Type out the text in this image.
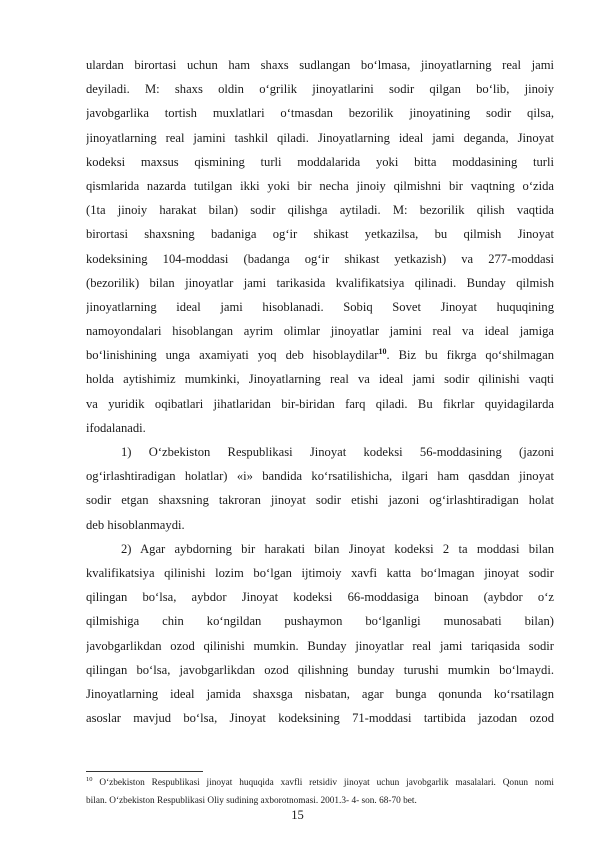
ulardan birortasi uchun ham shaxs sudlangan bo‘lmasa, jinoyatlarning real jami
deyiladi. M: shaxs oldin o‘grilik jinoyatlarini sodir qilgan bo‘lib, jinoiy
javobgarlika tortish muxlatlari o‘tmasdan bezorilik jinoyatining sodir qilsa,
jinoyatlarning real jamini tashkil qiladi. Jinoyatlarning ideal jami deganda, Jinoyat
kodeksi maxsus qismining turli moddalarida yoki bitta moddasining turli
qismlarida nazarda tutilgan ikki yoki bir necha jinoiy qilmishni bir vaqtning o‘zida
(1ta jinoiy harakat bilan) sodir qilishga aytiladi. M: bezorilik qilish vaqtida
birortasi shaxsning badaniga og‘ir shikast yetkazilsa, bu qilmish Jinoyat
kodeksining 104-moddasi (badanga og‘ir shikast yetkazish) va 277-moddasi
(bezorilik) bilan jinoyatlar jami tarikasida kvalifikatsiya qilinadi. Bunday qilmish
jinoyatlarning ideal jami hisoblanadi. Sobiq Sovet Jinoyat huquqining
namoyondalari hisoblangan ayrim olimlar jinoyatlar jamini real va ideal jamiga
bo‘linishining unga axamiyati yoq deb hisoblaydilar$^{10}$. Biz bu fikrga qo‘shilmagan
holda aytishimiz mumkinki, Jinoyatlarning real va ideal jami sodir qilinishi vaqti
va yuridik oqibatlari jihatlaridan bir-biridan farq qiladi. Bu fikrlar quyidagilarda
ifodalanadi.
1) O‘zbekiston Respublikasi Jinoyat kodeksi 56-moddasining (jazoni
og‘irlashtiradigan holatlar) «i» bandida ko‘rsatilishicha, ilgari ham qasddan jinoyat
sodir etgan shaxsning takroran jinoyat sodir etishi jazoni og‘irlashtiradigan holat
deb hisoblanmaydi.
2) Agar aybdorning bir harakati bilan Jinoyat kodeksi 2 ta moddasi bilan
kvalifikatsiya qilinishi lozim bo‘lgan ijtimoiy xavfi katta bo‘lmagan jinoyat sodir
qilingan bo‘lsa, aybdor Jinoyat kodeksi 66-moddasiga binoan (aybdor o‘z
qilmishiga chin ko‘ngildan pushaymon bo‘lganligi munosabati bilan)
javobgarlikdan ozod qilinishi mumkin. Bunday jinoyatlar real jami tariqasida sodir
qilingan bo‘lsa, javobgarlikdan ozod qilishning bunday turushi mumkin bo‘lmaydi.
Jinoyatlarning ideal jamida shaxsga nisbatan, agar bunga qonunda ko‘rsatilagn
asoslar mavjud bo‘lsa, Jinoyat kodeksining 71-moddasi tartibida jazodan ozod
$^{10}$ O‘zbekiston Respublikasi jinoyat huquqida xavfli retsidiv jinoyat uchun javobgarlik masalalari. Qonun nomi
bilan. O‘zbekiston Respublikasi Oliy sudining axborotnomasi. 2001.3- 4- son. 68-70 bet.
15
